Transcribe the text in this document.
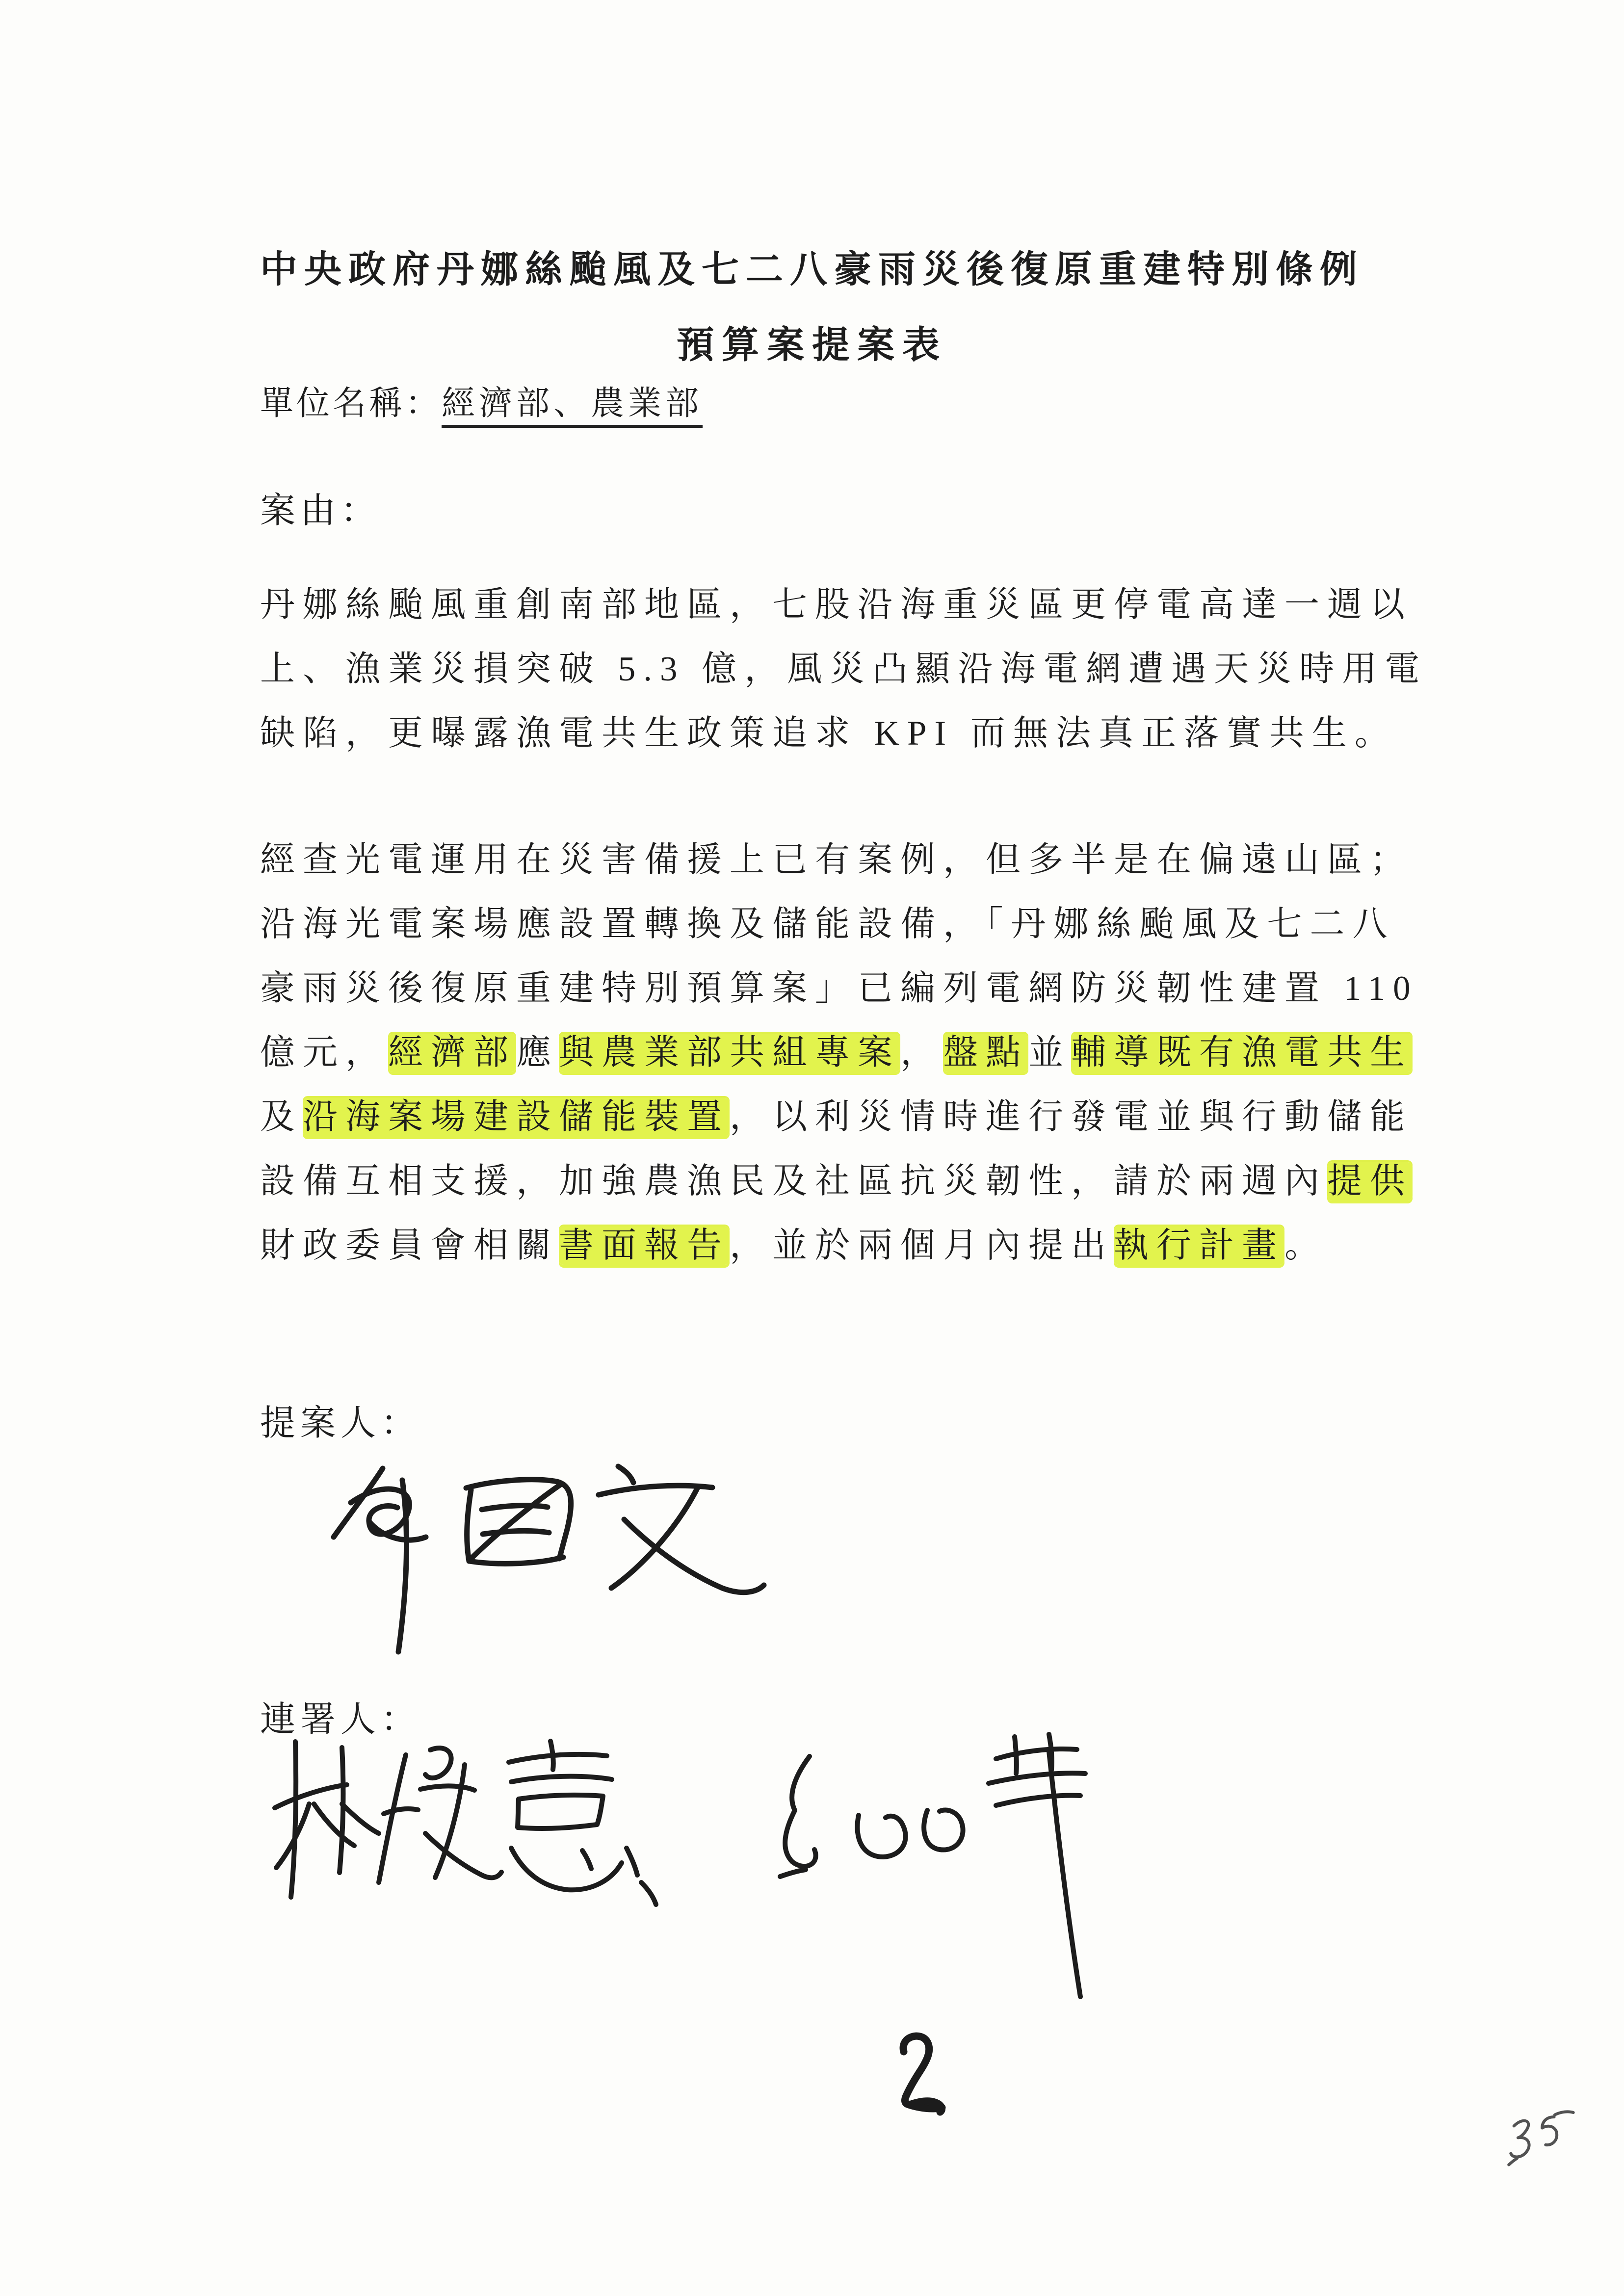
中央政府丹娜絲颱風及七二八豪雨災後復原重建特別條例
預算案提案表
單位名稱：經濟部、農業部
案由：
丹娜絲颱風重創南部地區，七股沿海重災區更停電高達一週以
上、漁業災損突破 5.3 億，風災凸顯沿海電網遭遇天災時用電
缺陷，更曝露漁電共生政策追求 KPI 而無法真正落實共生。
經查光電運用在災害備援上已有案例，但多半是在偏遠山區；
沿海光電案場應設置轉換及儲能設備，「丹娜絲颱風及七二八
豪雨災後復原重建特別預算案」已編列電網防災韌性建置 110
億元，經濟部應與農業部共組專案，盤點並輔導既有漁電共生
及沿海案場建設儲能裝置，以利災情時進行發電並與行動儲能
設備互相支援，加強農漁民及社區抗災韌性，請於兩週內提供
財政委員會相關書面報告，並於兩個月內提出執行計畫。
提案人：
連署人：
